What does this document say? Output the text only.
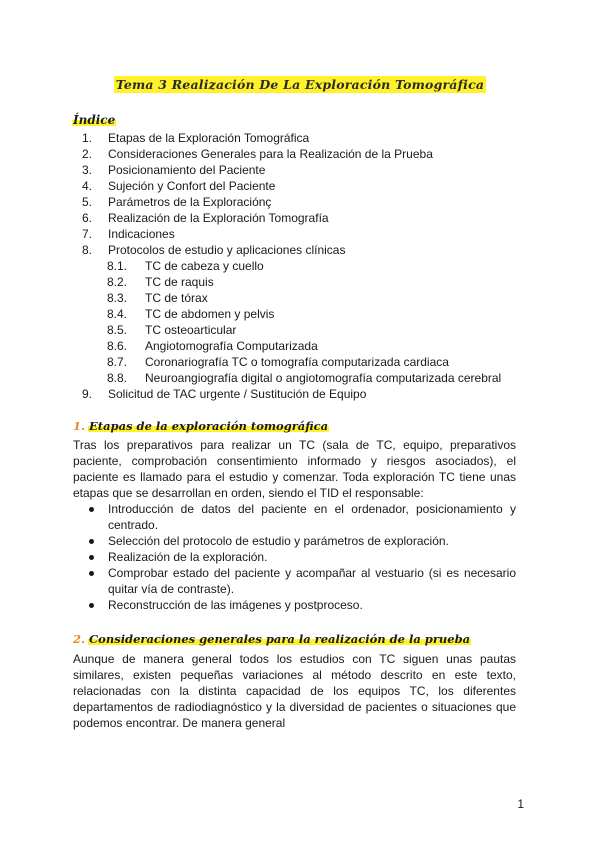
Tema 3 Realización De La Exploración Tomográfica
Índice
1. Etapas de la Exploración Tomográfica
2. Consideraciones Generales para la Realización de la Prueba
3. Posicionamiento del Paciente
4. Sujeción y Confort del Paciente
5. Parámetros de la Exploraciónç
6. Realización de la Exploración Tomografía
7. Indicaciones
8. Protocolos de estudio y aplicaciones clínicas
8.1. TC de cabeza y cuello
8.2. TC de raquis
8.3. TC de tórax
8.4. TC de abdomen y pelvis
8.5. TC osteoarticular
8.6. Angiotomografía Computarizada
8.7. Coronariografía TC o tomografía computarizada cardiaca
8.8. Neuroangiografía digital o angiotomografía computarizada cerebral
9. Solicitud de TAC urgente / Sustitución de Equipo
1. Etapas de la exploración tomográfica
Tras los preparativos para realizar un TC (sala de TC, equipo, preparativos paciente, comprobación consentimiento informado y riesgos asociados), el paciente es llamado para el estudio y comenzar. Toda exploración TC tiene unas etapas que se desarrollan en orden, siendo el TID el responsable:
Introducción de datos del paciente en el ordenador, posicionamiento y centrado.
Selección del protocolo de estudio y parámetros de exploración.
Realización de la exploración.
Comprobar estado del paciente y acompañar al vestuario (si es necesario quitar vía de contraste).
Reconstrucción de las imágenes y postproceso.
2. Consideraciones generales para la realización de la prueba
Aunque de manera general todos los estudios con TC siguen unas pautas similares, existen pequeñas variaciones al método descrito en este texto, relacionadas con la distinta capacidad de los equipos TC, los diferentes departamentos de radiodiagnóstico y la diversidad de pacientes o situaciones que podemos encontrar. De manera general
1
